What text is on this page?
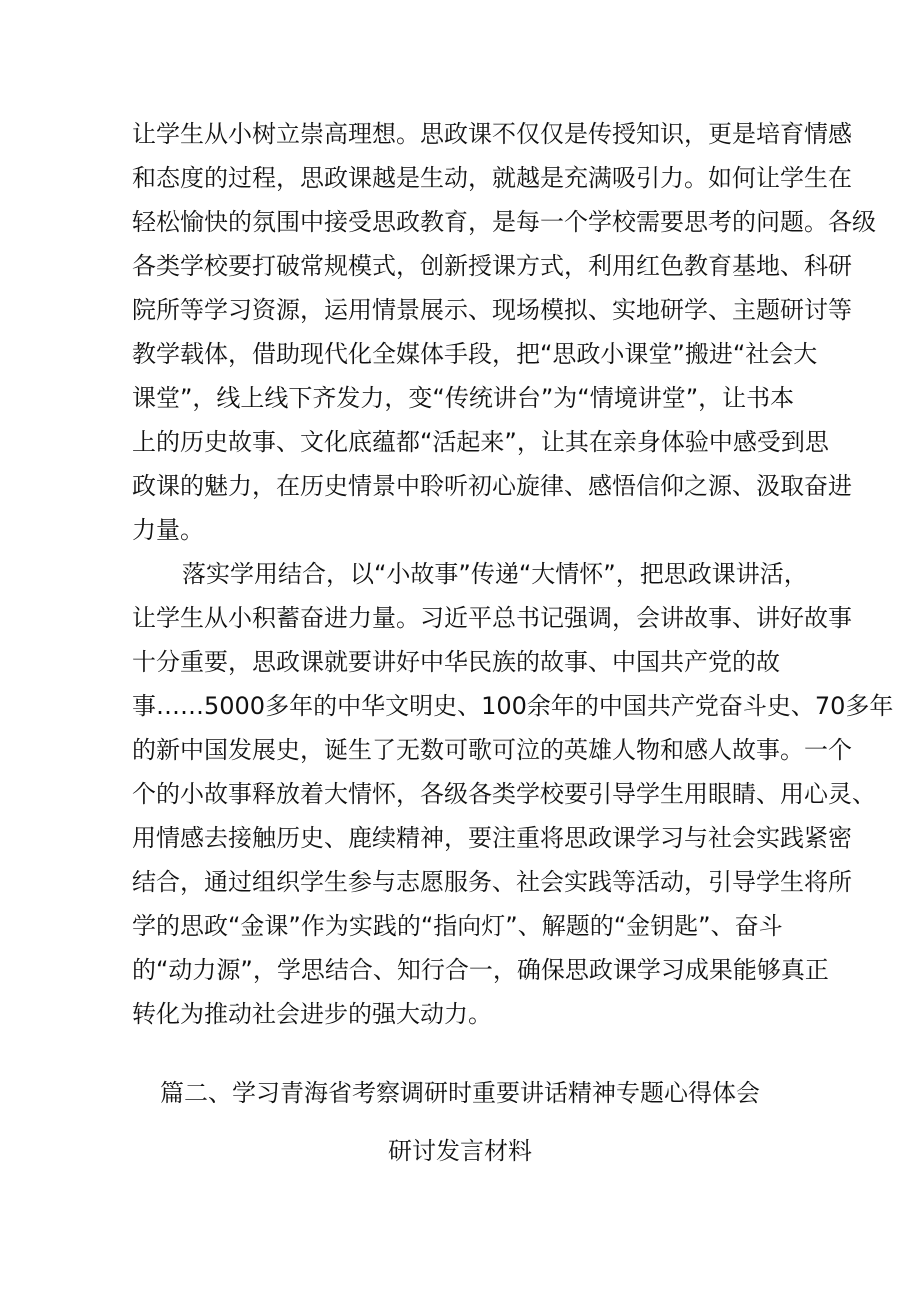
让学生从小树立崇高理想。思政课不仅仅是传授知识，更是培育情感
和态度的过程，思政课越是生动，就越是充满吸引力。如何让学生在
轻松愉快的氛围中接受思政教育，是每一个学校需要思考的问题。各级
各类学校要打破常规模式，创新授课方式，利用红色教育基地、科研
院所等学习资源，运用情景展示、现场模拟、实地研学、主题研讨等
教学载体，借助现代化全媒体手段，把“思政小课堂”搬进“社会大
课堂”，线上线下齐发力，变“传统讲台”为“情境讲堂”，让书本
上的历史故事、文化底蕴都“活起来”，让其在亲身体验中感受到思
政课的魅力，在历史情景中聆听初心旋律、感悟信仰之源、汲取奋进
力量。
落实学用结合，以“小故事”传递“大情怀”，把思政课讲活，
让学生从小积蓄奋进力量。习近平总书记强调，会讲故事、讲好故事
十分重要，思政课就要讲好中华民族的故事、中国共产党的故
事……5000多年的中华文明史、100余年的中国共产党奋斗史、70多年
的新中国发展史，诞生了无数可歌可泣的英雄人物和感人故事。一个
个的小故事释放着大情怀，各级各类学校要引导学生用眼睛、用心灵、
用情感去接触历史、鹿续精神，要注重将思政课学习与社会实践紧密
结合，通过组织学生参与志愿服务、社会实践等活动，引导学生将所
学的思政“金课”作为实践的“指向灯”、解题的“金钥匙”、奋斗
的“动力源”，学思结合、知行合一，确保思政课学习成果能够真正
转化为推动社会进步的强大动力。
篇二、学习青海省考察调研时重要讲话精神专题心得体会
研讨发言材料
